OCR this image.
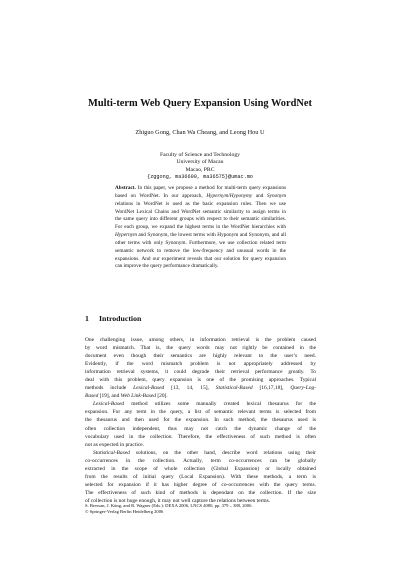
Multi-term Web Query Expansion Using WordNet
Zhiguo Gong, Chan Wa Cheang, and Leong Hou U
Faculty of Science and Technology
University of Macau
Macao, PRC
{zggong, ma36600, ma36575}@umac.mo

Abstract. In this paper, we propose a method for multi-term query expansions

based on WordNet. In our approach, Hypernym/Hyponymy and Synonym

relations in WordNet is used as the basic expansion rules. Then we use

WordNet Lexical Chains and WordNet semantic similarity to assign terms in

the same query into different groups with respect to their semantic similarities.

For each group, we expand the highest terms in the WordNet hierarchies with

Hypernym and Synonym, the lowest terms with Hyponym and Synonym, and all

other terms with only Synonym. Furthermore, we use collection related term

semantic network to remove the low-frequency and unusual words in the

expansions. And our experiment reveals that our solution for query expansion

can improve the query performance dramatically.

1 Introduction

One challenging issue, among others, in information retrieval is the problem caused

by word mismatch. That is, the query words may not rightly be contained in the

document even though their semantics are highly relevant to the user’s need.

Evidently, if the word mismatch problem is not appropriately addressed by

information retrieval systems, it could degrade their retrieval performance greatly. To

deal with this problem, query expansion is one of the promising approaches. Typical

methods include Lexical-Based [13, 14, 15], Statistical-Based [16,17,18], Query-Log-

Based [19], and Web Link-Based [20].

Lexical-Based method utilizes some manually created lexical thesaurus for the

expansion. For any term in the query, a list of semantic relevant terms is selected from

the thesaurus and then used for the expansion. In such method, the thesaurus used is

often collection independent, thus may not catch the dynamic change of the

vocabulary used in the collection. Therefore, the effectiveness of such method is often

not as expected in practice.

Statistical-Based solutions, on the other hand, describe word relations using their

co-occurrences in the collection. Actually, term co-occurrences can be globally

extracted in the scope of whole collection (Global Expansion) or locally obtained

from the results of initial query (Local Expansion). With these methods, a term is

selected for expansion if it has higher degree of co-occurrences with the query terms.

The effectiveness of such kind of methods is dependant on the collection. If the size

of collection is not huge enough, it may not well capture the relations between terms.

S. Bressan, J. Küng, and R. Wagner (Eds.): DEXA 2006, LNCS 4080, pp. 379 – 388, 2006.
© Springer-Verlag Berlin Heidelberg 2006
